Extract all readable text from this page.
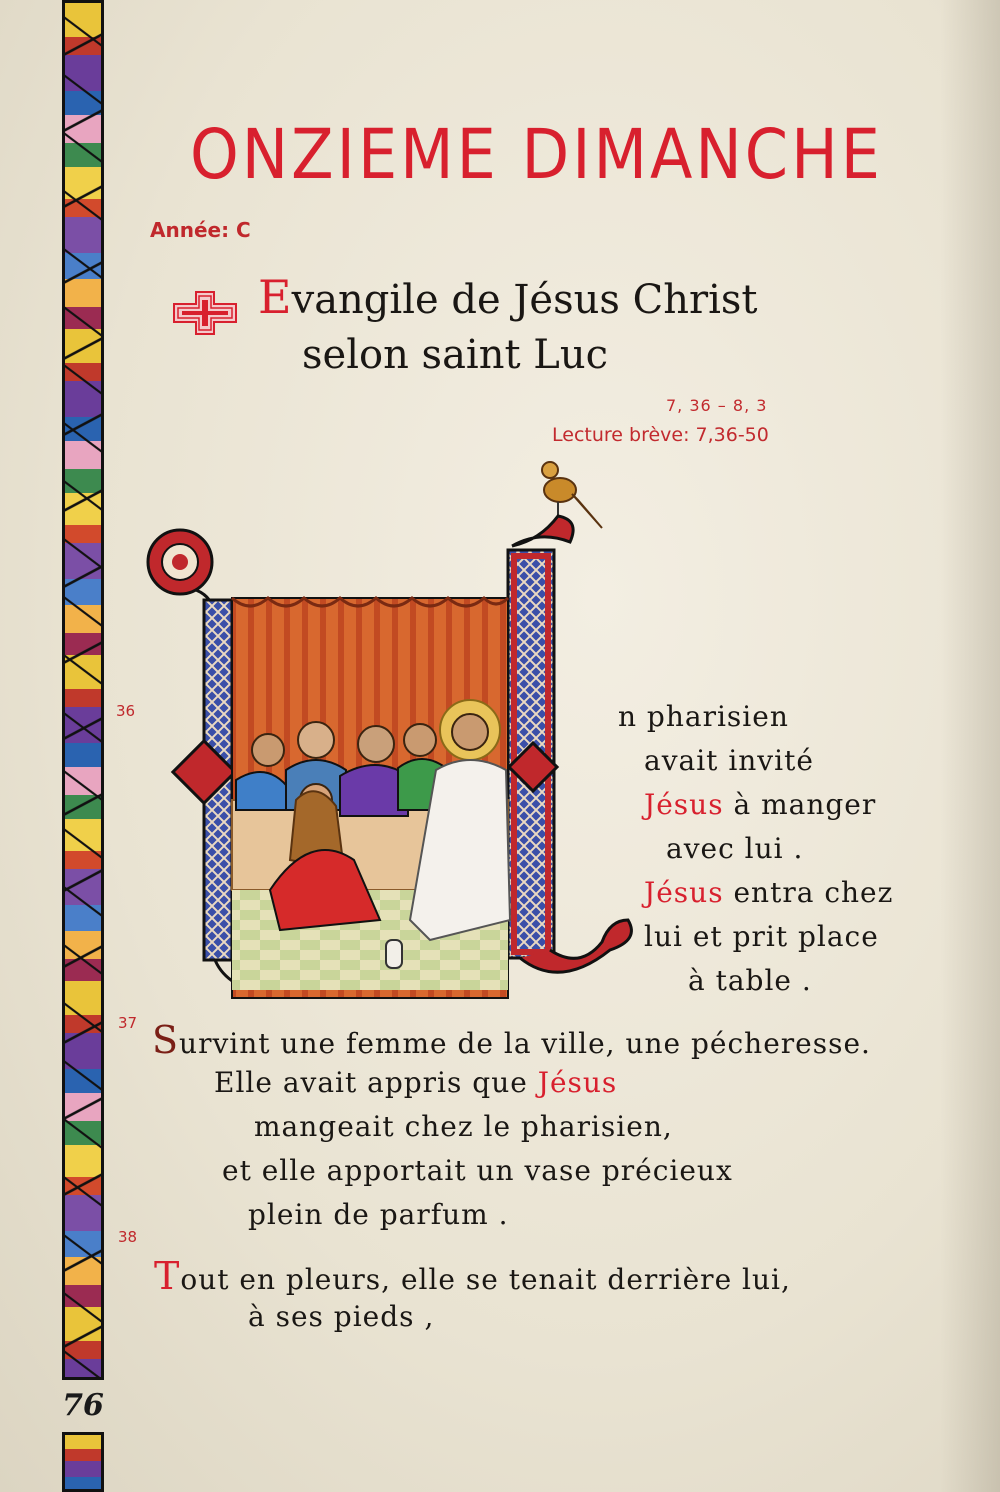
76
ONZIEME DIMANCHE
Année: C
Evangile de Jésus Christ
selon saint Luc
7, 36 – 8, 3
Lecture brève: 7,36-50
36	n pharisien
avait invité
Jésus à manger
avec lui .
Jésus entra chez
lui et prit place
à table .
37 Survint une femme de la ville, une pécheresse.
Elle avait appris que Jésus
mangeait chez le pharisien,
et elle apportait un vase précieux
plein de parfum .
38
Tout en pleurs, elle se tenait derrière lui,
à ses pieds ,
